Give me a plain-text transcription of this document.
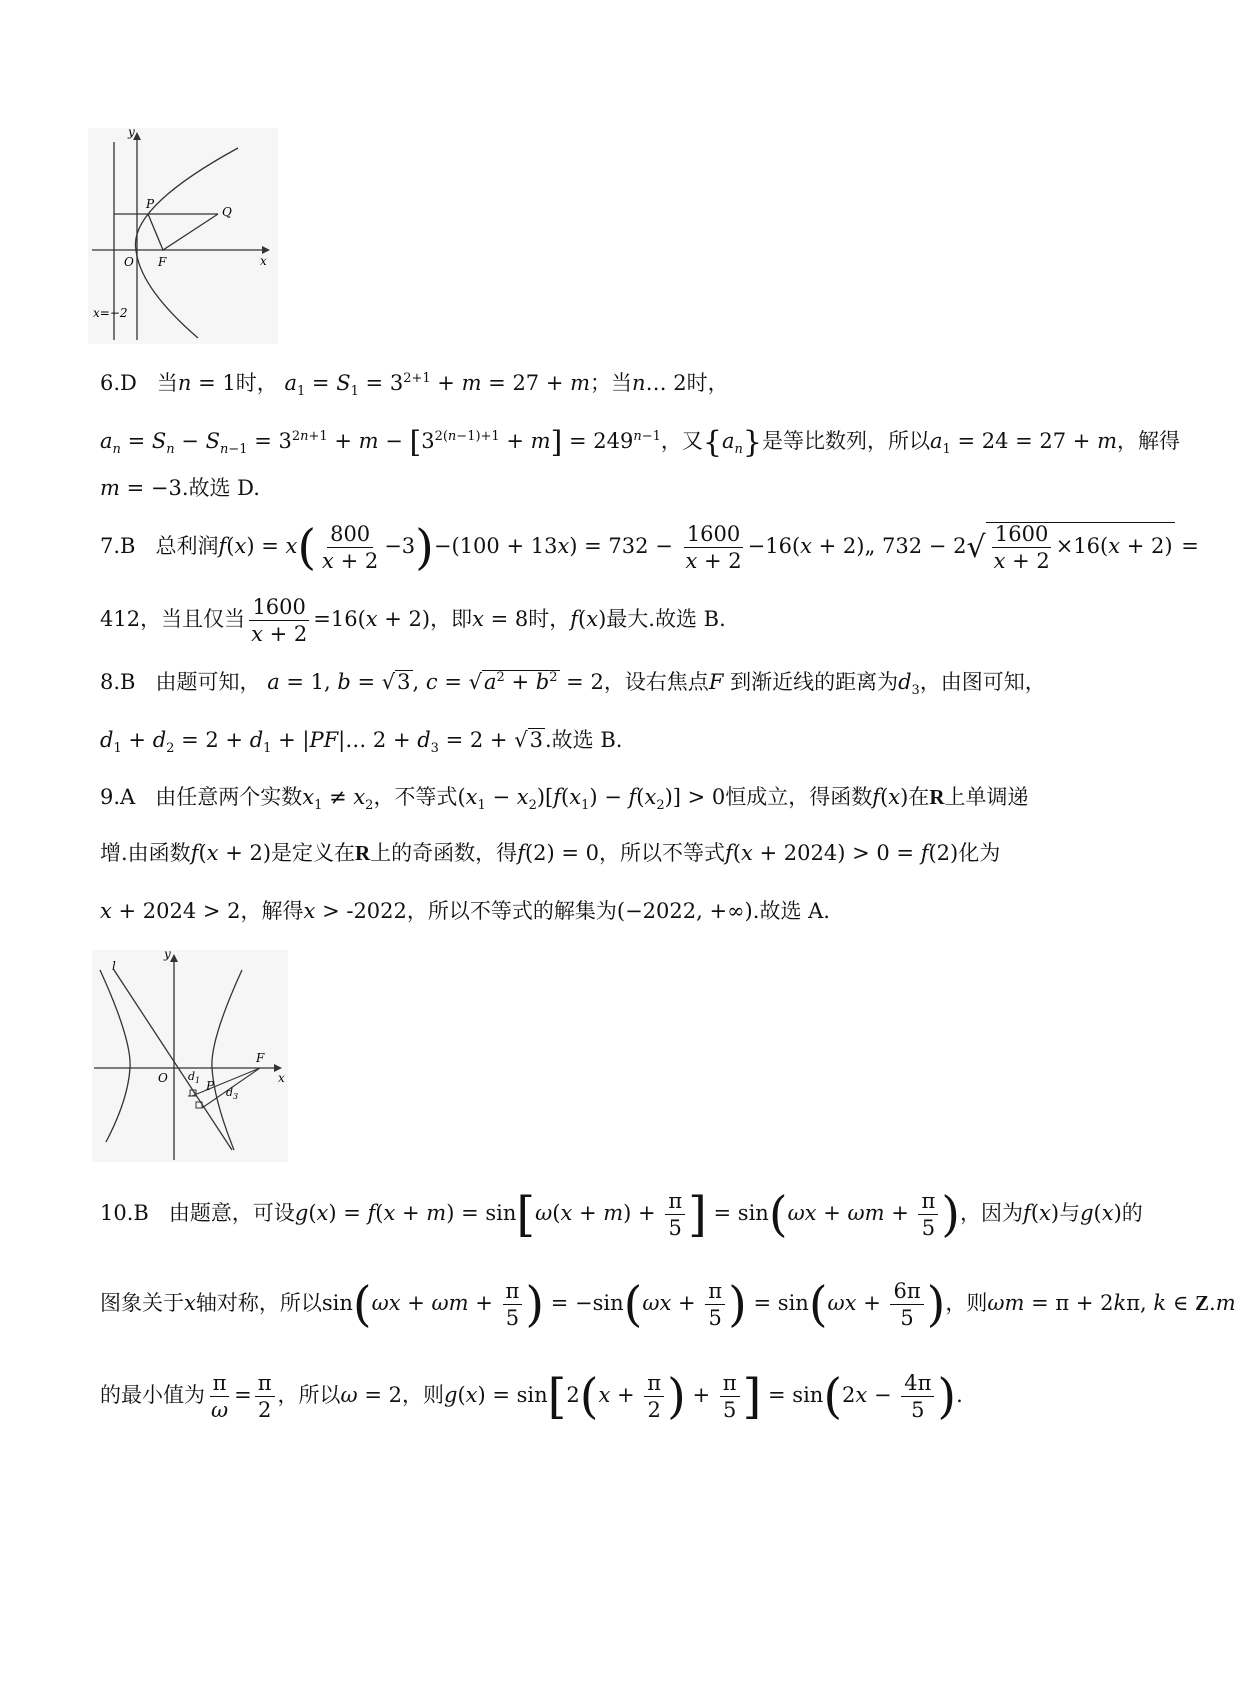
y
x
O
P
Q
F
x=−2
6.D 当n = 1时， $a_1 = S_1 = 3^{2+1} + m = 27 + m$；当n… 2时，
$a_n = S_n - S_{n-1} = 3^{2n+1} + m - [3^{2(n-1)+1} + m] = 249^{n-1}$，又$\{a_n\}$是等比数列，所以$a_1 = 24 = 27 + m$，解得
m = −3.故选 D.
7.B 总利润$f(x) = x( \frac{800}{x + 2} -3)-(100 + 13x) = 732 - \frac{1600}{x + 2} -16(x$ + 2)„ $732 - 2√ \frac{1600}{x + 2} \times 16(x + 2)$ =
412，当且仅当 $\frac{1600}{x + 2} =16(x + 2)$，即x = 8时，f(x)最大.故选 B.
8.B 由题可知， a = 1, b = √3, $c = √a^2 + b^2 = 2$，设右焦点F 到渐近线的距离为$d_3$，由图可知，
$d_1 + d_2 = 2 + d_1$ + |PF|… $2 + d_3 = 2 + √3$.故选 B.
9.A 由任意两个实数$x_1 \ne x_2$，不等式$(x_1 - x_2)[f(x_1) - f(x_2)] > 0$恒成立，得函数f(x)在R上单调递
增.由函数f(x + 2)是定义在R上的奇函数，得f(2) = 0，所以不等式f(x + 2024) > 0 = f(2)化为
x + 2024 > 2，解得x > -2022，所以不等式的解集为(−2022, +∞).故选 A.
y
x
O
l
F
P
$d_1$
$d_3$
10.B 由题意，可设$g(x) = f(x + m) = \sin[\omega(x + m) + \frac{\pi}{5}$ ] = $\sin(\omega x + \omega m + \frac{\pi}{5}$ )，因为f(x)与g(x)的
图象关于x轴对称，所以$\sin(\omega x + \omega m + \frac{\pi}{5}$ ) = $-\sin(\omega x + \frac{\pi}{5}$ ) = $\sin(\omega x + \frac{6\pi}{5}$ )，则ωm = π + 2kπ, k ∈ Z.m
的最小值为 $\frac{\pi}{\omega} = \frac{\pi}{2}$ ，所以ω = 2，则$g(x) = \sin[2(x + \frac{\pi}{2}$ ) + $\frac{\pi}{5}$ ] = $\sin(2x - \frac{4\pi}{5}$ ).
